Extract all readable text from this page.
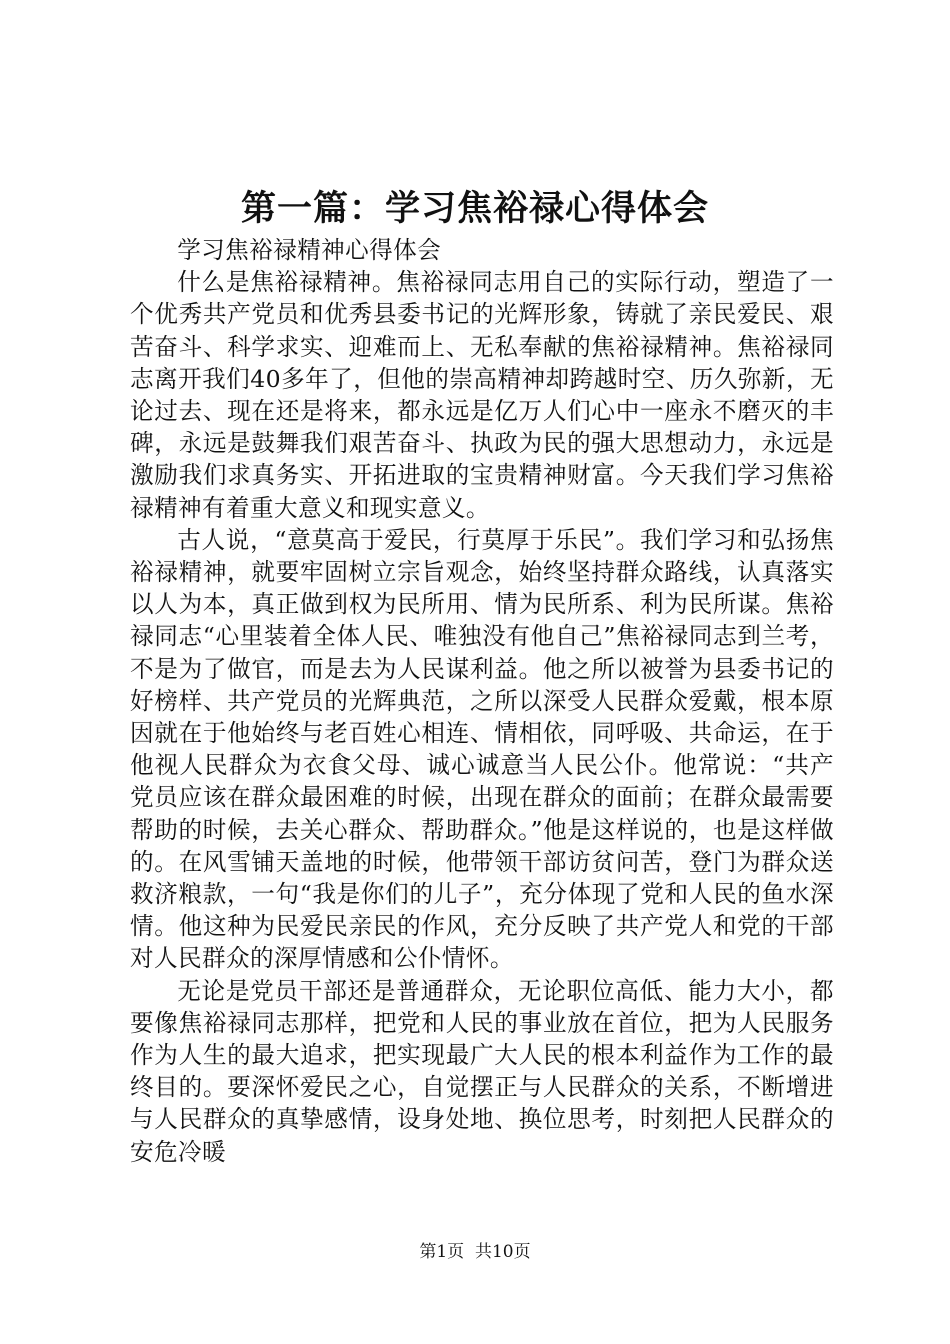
第一篇：学习焦裕禄心得体会

学习焦裕禄精神心得体会

什么是焦裕禄精神。焦裕禄同志用自己的实际行动，塑造了一个优秀共产党员和优秀县委书记的光辉形象，铸就了亲民爱民、艰苦奋斗、科学求实、迎难而上、无私奉献的焦裕禄精神。焦裕禄同志离开我们40多年了，但他的崇高精神却跨越时空、历久弥新，无论过去、现在还是将来，都永远是亿万人们心中一座永不磨灭的丰碑，永远是鼓舞我们艰苦奋斗、执政为民的强大思想动力，永远是激励我们求真务实、开拓进取的宝贵精神财富。今天我们学习焦裕禄精神有着重大意义和现实意义。

古人说，“意莫高于爱民，行莫厚于乐民”。我们学习和弘扬焦裕禄精神，就要牢固树立宗旨观念，始终坚持群众路线，认真落实以人为本，真正做到权为民所用、情为民所系、利为民所谋。焦裕禄同志“心里装着全体人民、唯独没有他自己”焦裕禄同志到兰考，不是为了做官，而是去为人民谋利益。他之所以被誉为县委书记的好榜样、共产党员的光辉典范，之所以深受人民群众爱戴，根本原因就在于他始终与老百姓心相连、情相依，同呼吸、共命运，在于他视人民群众为衣食父母、诚心诚意当人民公仆。他常说：“共产党员应该在群众最困难的时候，出现在群众的面前；在群众最需要帮助的时候，去关心群众、帮助群众。”他是这样说的，也是这样做的。在风雪铺天盖地的时候，他带领干部访贫问苦，登门为群众送救济粮款，一句“我是你们的儿子”，充分体现了党和人民的鱼水深情。他这种为民爱民亲民的作风，充分反映了共产党人和党的干部对人民群众的深厚情感和公仆情怀。

无论是党员干部还是普通群众，无论职位高低、能力大小，都要像焦裕禄同志那样，把党和人民的事业放在首位，把为人民服务作为人生的最大追求，把实现最广大人民的根本利益作为工作的最终目的。要深怀爱民之心，自觉摆正与人民群众的关系，不断增进与人民群众的真挚感情，设身处地、换位思考，时刻把人民群众的安危冷暖

第1页  共10页
